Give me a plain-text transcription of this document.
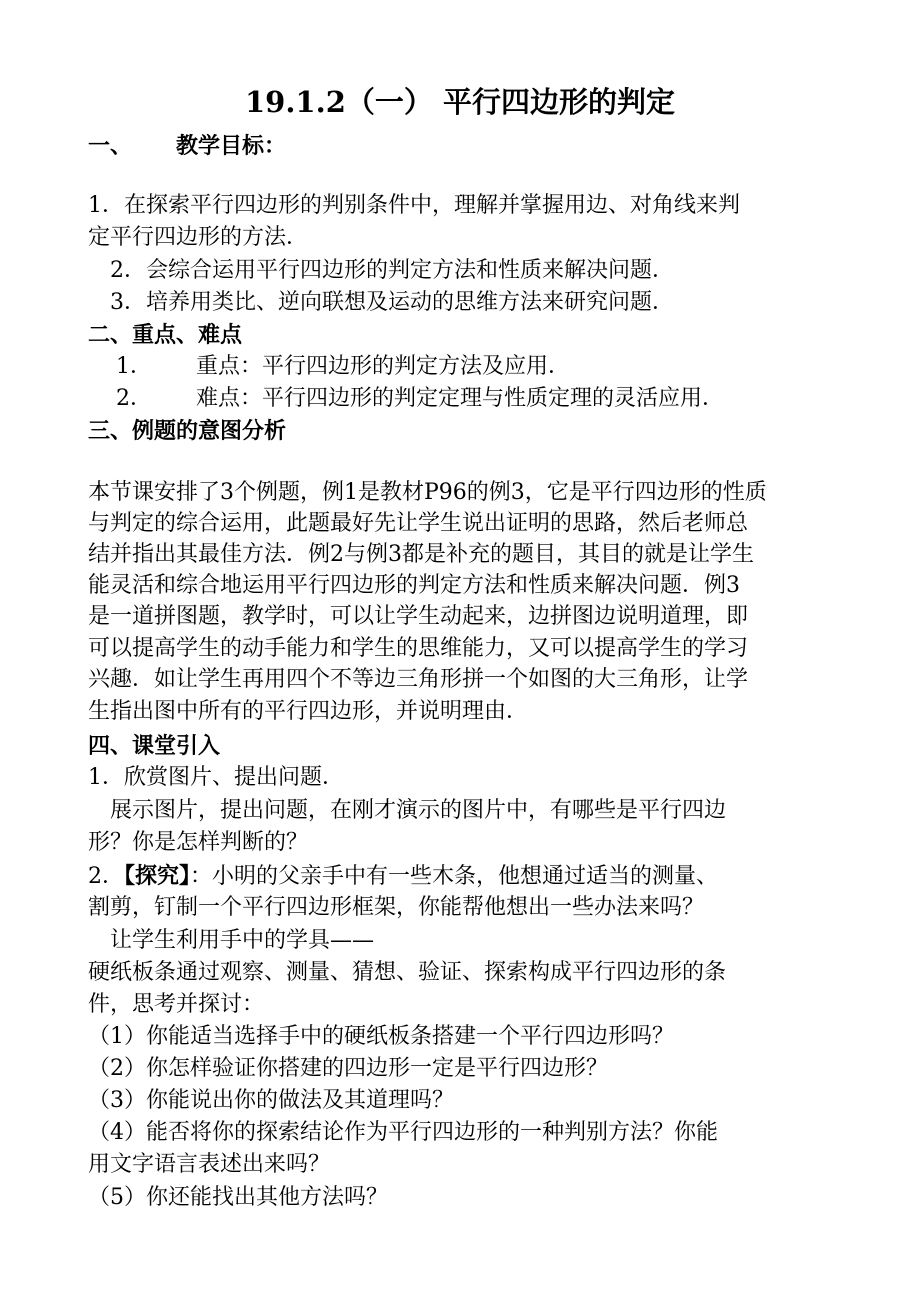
19.1.2（一） 平行四边形的判定
一、 教学目标：
1．在探索平行四边形的判别条件中，理解并掌握用边、对角线来判
定平行四边形的方法．
2．会综合运用平行四边形的判定方法和性质来解决问题．
3．培养用类比、逆向联想及运动的思维方法来研究问题．
二、重点、难点
1． 重点：平行四边形的判定方法及应用．
2． 难点：平行四边形的判定定理与性质定理的灵活应用．
三、例题的意图分析
本节课安排了3个例题，例1是教材P96的例3，它是平行四边形的性质
与判定的综合运用，此题最好先让学生说出证明的思路，然后老师总
结并指出其最佳方法．例2与例3都是补充的题目，其目的就是让学生
能灵活和综合地运用平行四边形的判定方法和性质来解决问题．例3
是一道拼图题，教学时，可以让学生动起来，边拼图边说明道理，即
可以提高学生的动手能力和学生的思维能力，又可以提高学生的学习
兴趣．如让学生再用四个不等边三角形拼一个如图的大三角形，让学
生指出图中所有的平行四边形，并说明理由．
四、课堂引入
1．欣赏图片、提出问题．
　展示图片，提出问题，在刚才演示的图片中，有哪些是平行四边
形？你是怎样判断的？
2．【探究】：小明的父亲手中有一些木条，他想通过适当的测量、
割剪，钉制一个平行四边形框架，你能帮他想出一些办法来吗？
　让学生利用手中的学具——
硬纸板条通过观察、测量、猜想、验证、探索构成平行四边形的条
件，思考并探讨：
（1）你能适当选择手中的硬纸板条搭建一个平行四边形吗？
（2）你怎样验证你搭建的四边形一定是平行四边形？
（3）你能说出你的做法及其道理吗？
（4）能否将你的探索结论作为平行四边形的一种判别方法？你能
用文字语言表述出来吗？
（5）你还能找出其他方法吗？
